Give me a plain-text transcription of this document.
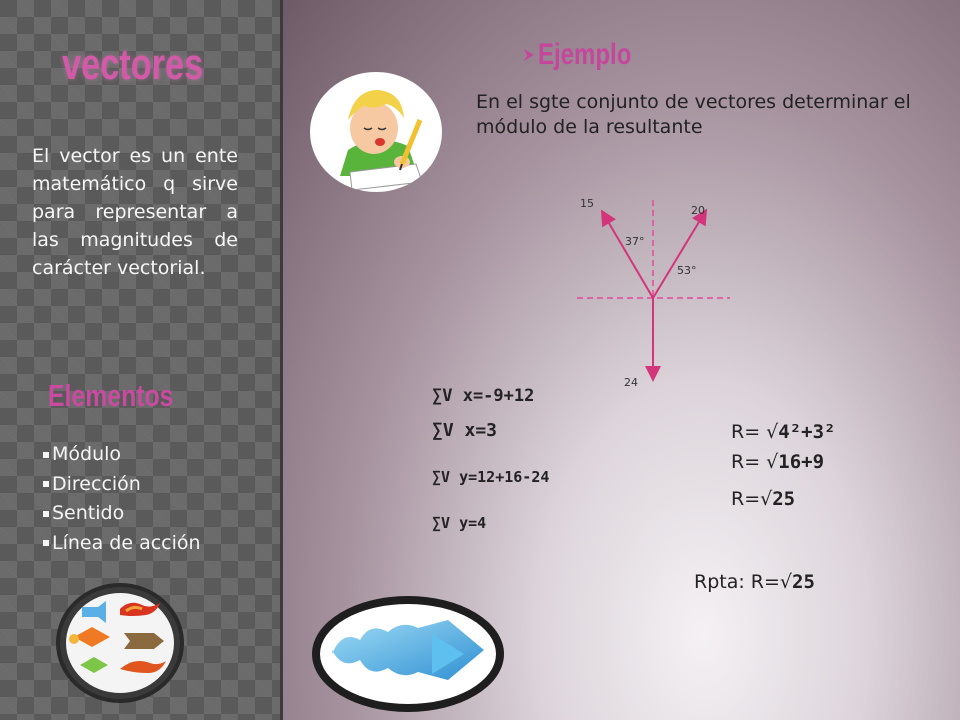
vectores

El vector es un ente matemático q sirve para representar a las magnitudes de carácter vectorial.

Elementos
Módulo
Dirección
Sentido
Línea de acción
Ejemplo

En el sgte conjunto de vectores determinar el módulo de la resultante

15
20
24
37°
53°
∑V x=-9+12
∑V x=3
∑V y=12+16-24
∑V y=4
R= √4²+3²
R= √16+9
R=√25
Rpta: R=√25
